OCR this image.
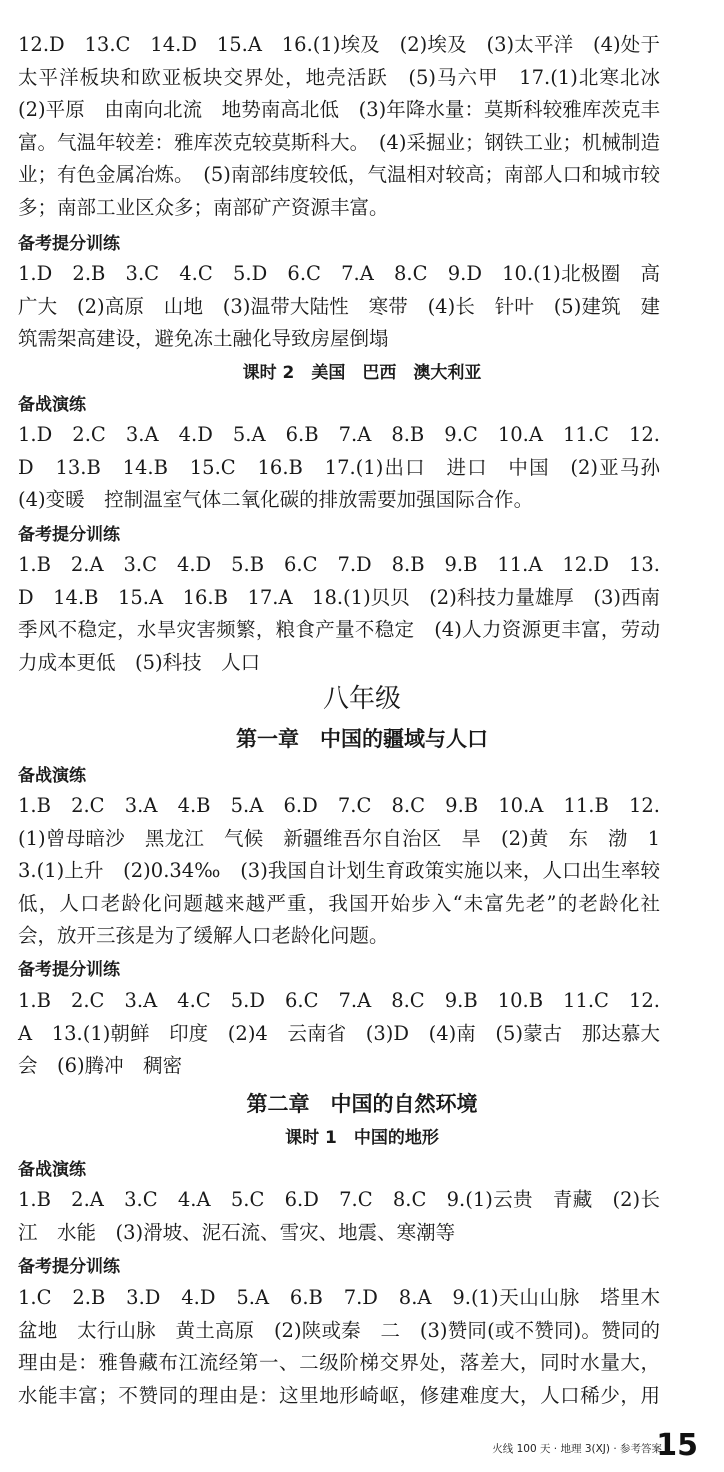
12.D　13.C　14.D　15.A　16.(1)埃及　(2)埃及　(3)太平洋　(4)处于太平洋板块和欧亚板块交界处，地壳活跃　(5)马六甲　17.(1)北寒北冰　(2)平原　由南向北流　地势南高北低　(3)年降水量：莫斯科较雅库茨克丰富。气温年较差：雅库茨克较莫斯科大。　(4)采掘业；钢铁工业；机械制造业；有色金属冶炼。　(5)南部纬度较低，气温相对较高；南部人口和城市较多；南部工业区众多；南部矿产资源丰富。
备考提分训练
1.D　2.B　3.C　4.C　5.D　6.C　7.A　8.C　9.D　10.(1)北极圈　高　广大　(2)高原　山地　(3)温带大陆性　寒带　(4)长　针叶　(5)建筑　建筑需架高建设，避免冻土融化导致房屋倒塌
课时 2　美国　巴西　澳大利亚
备战演练
1.D　2.C　3.A　4.D　5.A　6.B　7.A　8.B　9.C　10.A　11.C　12.D　13.B　14.B　15.C　16.B　17.(1)出口　进口　中国　(2)亚马孙　(4)变暖　控制温室气体二氧化碳的排放需要加强国际合作。
备考提分训练
1.B　2.A　3.C　4.D　5.B　6.C　7.D　8.B　9.B　11.A　12.D　13.D　14.B　15.A　16.B　17.A　18.(1)贝贝　(2)科技力量雄厚　(3)西南季风不稳定，水旱灾害频繁，粮食产量不稳定　(4)人力资源更丰富，劳动力成本更低　(5)科技　人口
八年级
第一章　中国的疆域与人口
备战演练
1.B　2.C　3.A　4.B　5.A　6.D　7.C　8.C　9.B　10.A　11.B　12.(1)曾母暗沙　黑龙江　气候　新疆维吾尔自治区　旱　(2)黄　东　渤　13.(1)上升　(2)0.34‰　(3)我国自计划生育政策实施以来，人口出生率较低，人口老龄化问题越来越严重，我国开始步入“未富先老”的老龄化社会，放开三孩是为了缓解人口老龄化问题。
备考提分训练
1.B　2.C　3.A　4.C　5.D　6.C　7.A　8.C　9.B　10.B　11.C　12.A　13.(1)朝鲜　印度　(2)4　云南省　(3)D　(4)南　(5)蒙古　那达慕大会　(6)腾冲　稠密
第二章　中国的自然环境
课时 1　中国的地形
备战演练
1.B　2.A　3.C　4.A　5.C　6.D　7.C　8.C　9.(1)云贵　青藏　(2)长江　水能　(3)滑坡、泥石流、雪灾、地震、寒潮等
备考提分训练
1.C　2.B　3.D　4.D　5.A　6.B　7.D　8.A　9.(1)天山山脉　塔里木盆地　太行山脉　黄土高原　(2)陕或秦　二　(3)赞同(或不赞同)。赞同的理由是：雅鲁藏布江流经第一、二级阶梯交界处，落差大，同时水量大，水能丰富；不赞同的理由是：这里地形崎岖，修建难度大，人口稀少，用
火线 100 天 · 地理 3(XJ) · 参考答案
15
